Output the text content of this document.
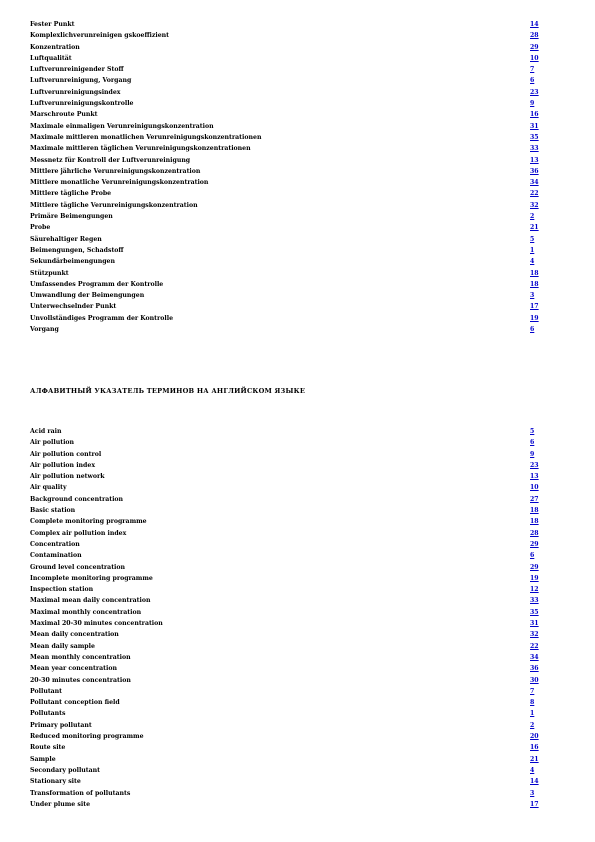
Fester Punkt	14
Komplexlichverunreinigen gskoeffizient	28
Konzentration	29
Luftqualität	10
Luftverunreinigender Stoff	7
Luftverunreinigung, Vorgang	6
Luftverunreinigungsindex	23
Luftverunreinigungskontrolle	9
Marschroute Punkt	16
Maximale einmaligen Verunreinigungskonzentration	31
Maximale mittleren monatlichen Verunreinigungskonzentrationen	35
Maximale mittleren täglichen Verunreinigungskonzentrationen	33
Messnetz für Kontroll der Luftverunreinigung	13
Mittlere jährliche Verunreinigungskonzentration	36
Mittlere monatliche Verunreinigungskonzentration	34
Mittlere tägliche Probe	22
Mittlere tägliche Verunreinigungskonzentration	32
Primäre Beimengungen	2
Probe	21
Säurehaltiger Regen	5
Beimengungen, Schadstoff	1
Sekundärbeimengungen	4
Stützpunkt	18
Umfassendes Programm der Kontrolle	18
Umwandlung der Beimengungen	3
Unterwechselnder Punkt	17
Unvollständiges Programm der Kontrolle	19
Vorgang	6
АЛФАВИТНЫЙ УКАЗАТЕЛЬ ТЕРМИНОВ НА АНГЛИЙСКОМ ЯЗЫКЕ
Acid rain	5
Air pollution	6
Air pollution control	9
Air pollution index	23
Air pollution network	13
Air quality	10
Background concentration	27
Basic station	18
Complete monitoring programme	18
Complex air pollution index	28
Concentration	29
Contamination	6
Ground level concentration	29
Incomplete monitoring programme	19
Inspection station	12
Maximal mean daily concentration	33
Maximal monthly concentration	35
Maximal 20-30 minutes concentration	31
Mean daily concentration	32
Mean daily sample	22
Mean monthly concentration	34
Mean year concentration	36
20-30 minutes concentration	30
Pollutant	7
Pollutant conception field	8
Pollutants	1
Primary pollutant	2
Reduced monitoring programme	20
Route site	16
Sample	21
Secondary pollutant	4
Stationary site	14
Transformation of pollutants	3
Under plume site	17
